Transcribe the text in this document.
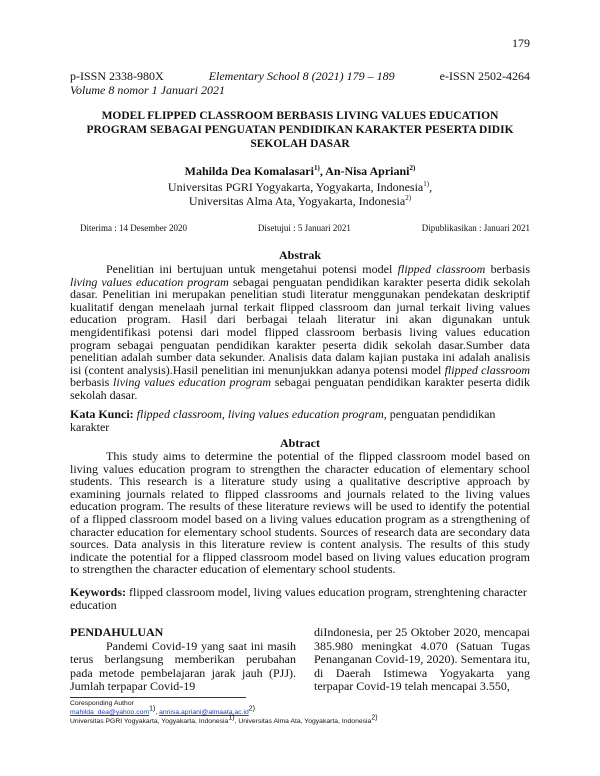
179
p-ISSN 2338-980X	Elementary School 8 (2021) 179 – 189	e-ISSN 2502-4264
Volume 8 nomor 1 Januari 2021
MODEL FLIPPED CLASSROOM BERBASIS LIVING VALUES EDUCATION
PROGRAM SEBAGAI PENGUATAN PENDIDIKAN KARAKTER PESERTA DIDIK
SEKOLAH DASAR
Mahilda Dea Komalasari$^{1)}$, An-Nisa Apriani$^{2)}$
Universitas PGRI Yogyakarta, Yogyakarta, Indonesia$^{1)}$,
Universitas Alma Ata, Yogyakarta, Indonesia$^{2)}$
Diterima : 14 Desember 2020	Disetujui : 5 Januari 2021	Dipublikasikan : Januari 2021
Abstrak
Penelitian ini bertujuan untuk mengetahui potensi model flipped classroom berbasis living values education program sebagai penguatan pendidikan karakter peserta didik sekolah dasar. Penelitian ini merupakan penelitian studi literatur menggunakan pendekatan deskriptif kualitatif dengan menelaah jurnal terkait flipped classroom dan jurnal terkait living values education program. Hasil dari berbagai telaah literatur ini akan digunakan untuk mengidentifikasi potensi dari model flipped classroom berbasis living values education program sebagai penguatan pendidikan karakter peserta didik sekolah dasar.Sumber data penelitian adalah sumber data sekunder. Analisis data dalam kajian pustaka ini adalah analisis isi (content analysis).Hasil penelitian ini menunjukkan adanya potensi model flipped classroom berbasis living values education program sebagai penguatan pendidikan karakter peserta didik sekolah dasar.
Kata Kunci: flipped classroom, living values education program, penguatan pendidikan karakter
Abtract
This study aims to determine the potential of the flipped classroom model based on living values education program to strengthen the character education of elementary school students. This research is a literature study using a qualitative descriptive approach by examining journals related to flipped classrooms and journals related to the living values education program. The results of these literature reviews will be used to identify the potential of a flipped classroom model based on a living values education program as a strengthening of character education for elementary school students. Sources of research data are secondary data sources. Data analysis in this literature review is content analysis. The results of this study indicate the potential for a flipped classroom model based on living values education program to strengthen the character education of elementary school students.
Keywords: flipped classroom model, living values education program, strenghtening character education
PENDAHULUAN
Pandemi Covid-19 yang saat ini masih terus berlangsung memberikan perubahan pada metode pembelajaran jarak jauh (PJJ). Jumlah terpapar Covid-19
diIndonesia, per 25 Oktober 2020, mencapai 385.980 meningkat 4.070 (Satuan Tugas Penanganan Covid-19, 2020). Sementara itu, di Daerah Istimewa Yogyakarta yang terpapar Covid-19 telah mencapai 3.550,
Coresponding Author
mahilda_dea@yahoo.com$^{1)}$, $annisa.apriani@almaata.ac.id^{2)}$
Universitas PGRI Yogyakarta, Yogyakarta, Indonesia$^{1)}$, Universitas Alma Ata, Yogyakarta, Indonesia$^{2)}$
